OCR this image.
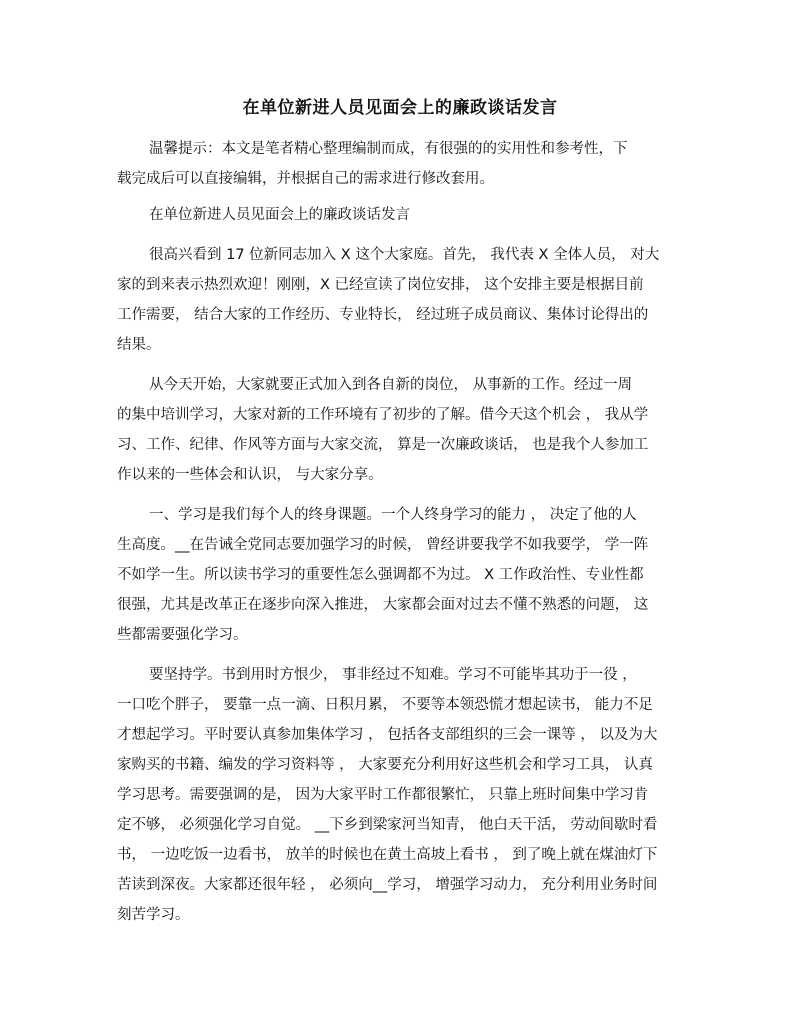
在单位新进人员见面会上的廉政谈话发言
温馨提示：本文是笔者精心整理编制而成，有很强的的实用性和参考性，下
载完成后可以直接编辑，并根据自己的需求进行修改套用。
在单位新进人员见面会上的廉政谈话发言
很高兴看到 17 位新同志加入 X 这个大家庭。首先， 我代表 X 全体人员， 对大
家的到来表示热烈欢迎！刚刚，X 已经宣读了岗位安排， 这个安排主要是根据目前
工作需要， 结合大家的工作经历、专业特长， 经过班子成员商议、集体讨论得出的
结果。
从今天开始，大家就要正式加入到各自新的岗位， 从事新的工作。经过一周
的集中培训学习，大家对新的工作环境有了初步的了解。借今天这个机会 ， 我从学
习、工作、纪律、作风等方面与大家交流， 算是一次廉政谈话， 也是我个人参加工
作以来的一些体会和认识， 与大家分享。
一、学习是我们每个人的终身课题。一个人终身学习的能力 ， 决定了他的人
生高度。__在告诫全党同志要加强学习的时候， 曾经讲要我学不如我要学， 学一阵
不如学一生。所以读书学习的重要性怎么强调都不为过。 X 工作政治性、专业性都
很强，尤其是改革正在逐步向深入推进， 大家都会面对过去不懂不熟悉的问题， 这
些都需要强化学习。
要坚持学。书到用时方恨少， 事非经过不知难。学习不可能毕其功于一役 ，
一口吃个胖子， 要靠一点一滴、日积月累， 不要等本领恐慌才想起读书， 能力不足
才想起学习。平时要认真参加集体学习 ， 包括各支部组织的三会一课等 ， 以及为大
家购买的书籍、编发的学习资料等 ， 大家要充分利用好这些机会和学习工具， 认真
学习思考。需要强调的是， 因为大家平时工作都很繁忙， 只靠上班时间集中学习肯
定不够， 必须强化学习自觉。 __下乡到梁家河当知青， 他白天干活， 劳动间歇时看
书， 一边吃饭一边看书， 放羊的时候也在黄土高坡上看书 ， 到了晚上就在煤油灯下
苦读到深夜。大家都还很年轻 ， 必须向__学习， 增强学习动力， 充分利用业务时间
刻苦学习。
